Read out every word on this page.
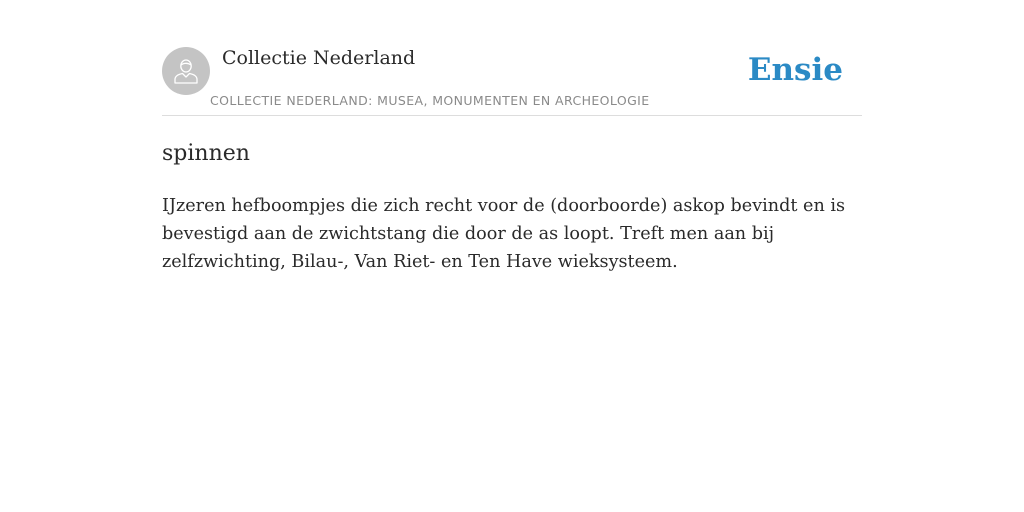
Collectie Nederland
COLLECTIE NEDERLAND: MUSEA, MONUMENTEN EN ARCHEOLOGIE
Ensie
spinnen

IJzeren hefboompjes die zich recht voor de (doorboorde) askop bevindt en is bevestigd aan de zwichtstang die door de as loopt. Treft men aan bij zelfzwichting, Bilau-, Van Riet- en Ten Have wieksysteem.
